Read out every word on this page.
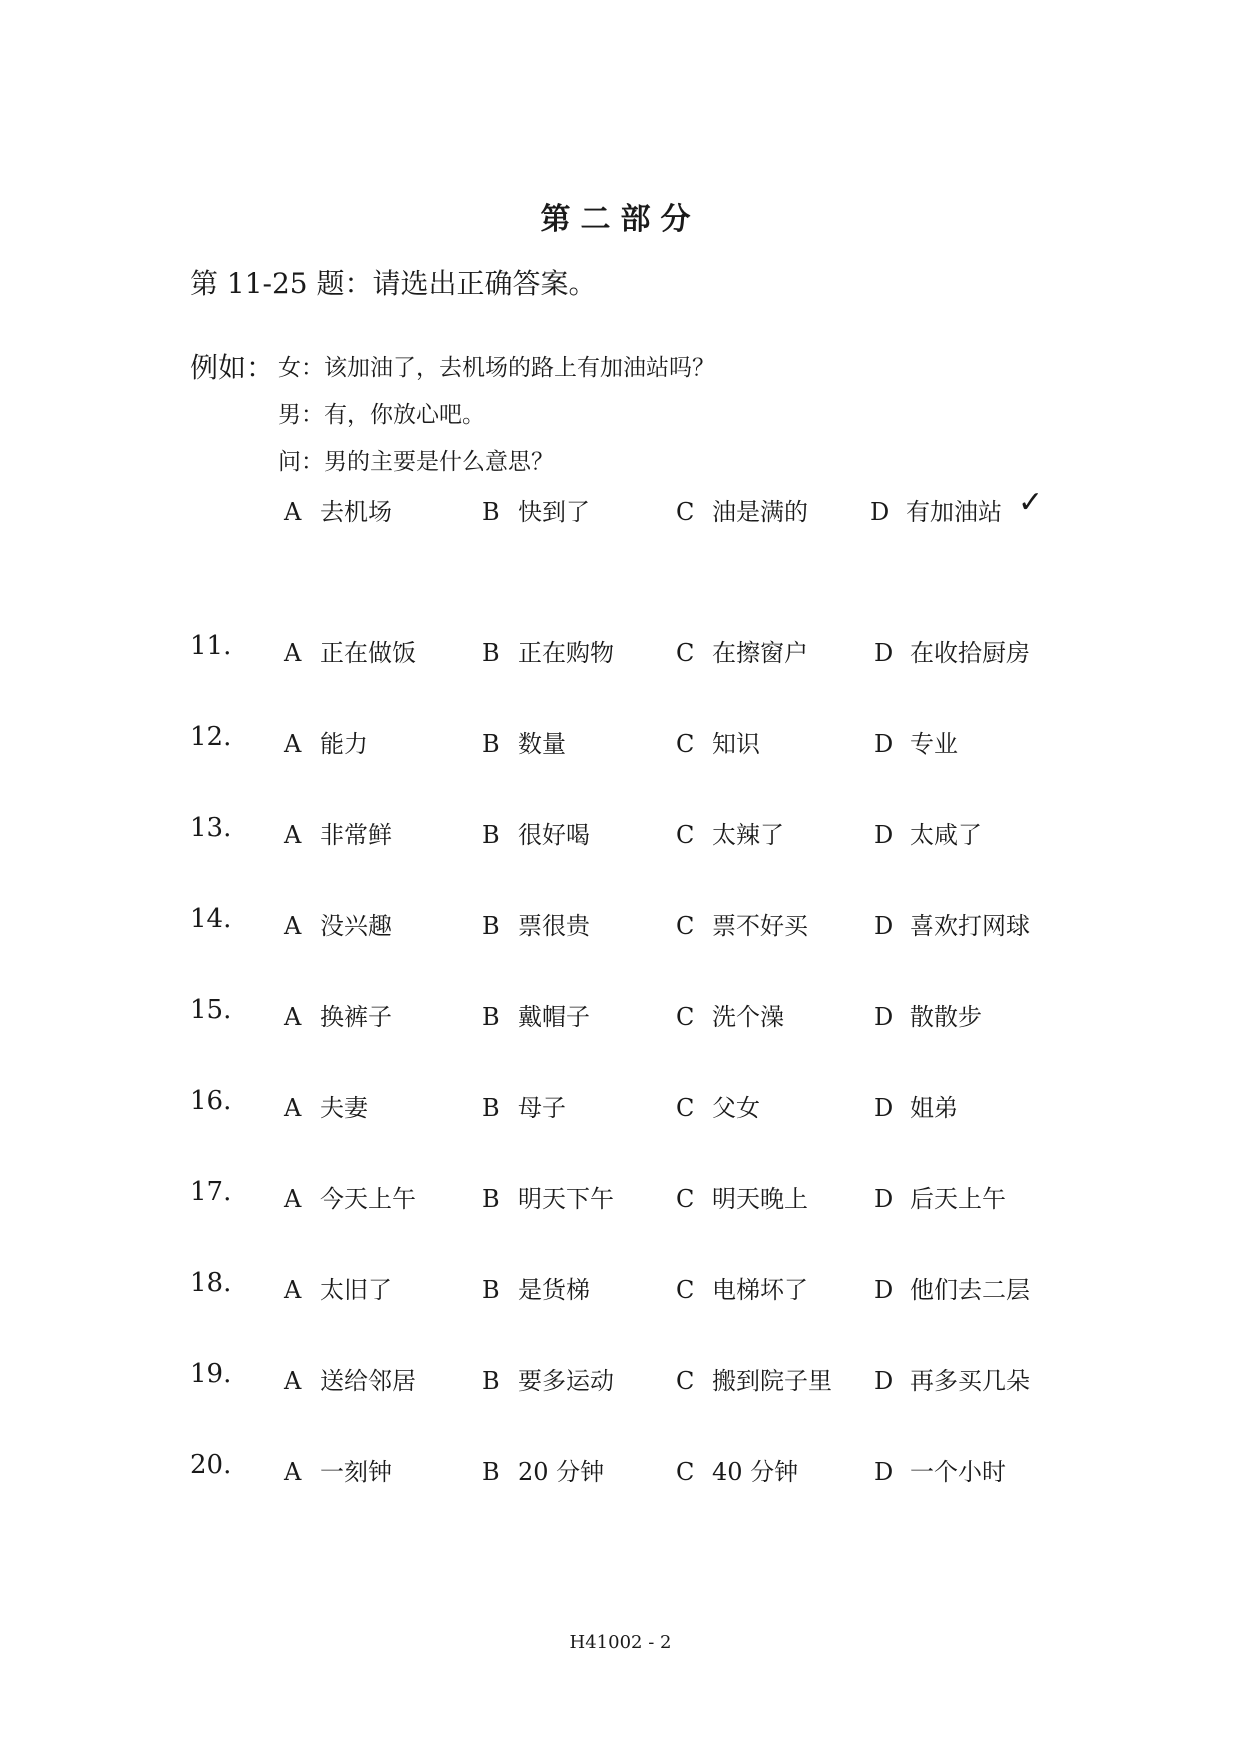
第二部分
第 11-25 题：请选出正确答案。
例如： 女：该加油了，去机场的路上有加油站吗？
男：有，你放心吧。
问：男的主要是什么意思？
A 去机场	B 快到了	C 油是满的	D 有加油站 ✓
11. A 正在做饭	B 正在购物	C 在擦窗户	D 在收拾厨房
12. A 能力	B 数量	C 知识	D 专业
13. A 非常鲜	B 很好喝	C 太辣了	D 太咸了
14. A 没兴趣	B 票很贵	C 票不好买	D 喜欢打网球
15. A 换裤子	B 戴帽子	C 洗个澡	D 散散步
16. A 夫妻	B 母子	C 父女	D 姐弟
17. A 今天上午	B 明天下午	C 明天晚上	D 后天上午
18. A 太旧了	B 是货梯	C 电梯坏了	D 他们去二层
19. A 送给邻居	B 要多运动	C 搬到院子里 D 再多买几朵
20. A 一刻钟	B 20 分钟	C 40 分钟	D 一个小时
H41002 - 2
